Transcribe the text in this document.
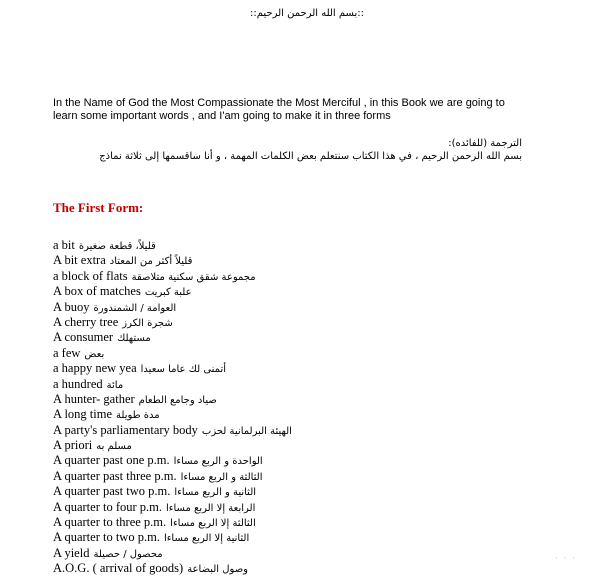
::بسم الله الرحمن الرحيم::
In the Name of God the Most Compassionate the Most Merciful , in this Book we are going to learn some important words , and I'am going to make it in three forms
الترجمة (للفائده):
بسم الله الرحمن الرحيم ، في هذا الكتاب سنتعلم بعض الكلمات المهمة ، و أنا ساقسمها إلى ثلاثة نماذج
The First Form:
a bit قليلاً، قطعة صغيرة
A bit extra قليلاً أكثر من المعتاد
a block of flats مجموعة شقق سكنية متلاصقة
A box of matches علبة كبريت
A buoy العوامة / الشمندورة
A cherry tree شجرة الكرز
A consumer مستهلك
a few بعض
a happy new yea أتمنى لك عاما سعيدا
a hundred مائة
A hunter- gather صياد وجامع الطعام
A long time مدة طويلة
A party's parliamentary body الهيئة البرلمانية لحزب
A priori مسلم به
A quarter past one p.m. الواحدة و الربع مساءا
A quarter past three p.m. الثالثة و الربع مساءا
A quarter past two p.m. الثانية و الربع مساءا
A quarter to four p.m. الرابعة إلا الربع مساءا
A quarter to three p.m. الثالثة إلا الربع مساءا
A quarter to two p.m. الثانية إلا الربع مساءا
A yield محصول / حصيلة
A.O.G. ( arrival of goods) وصول البضاعة
· · ·
